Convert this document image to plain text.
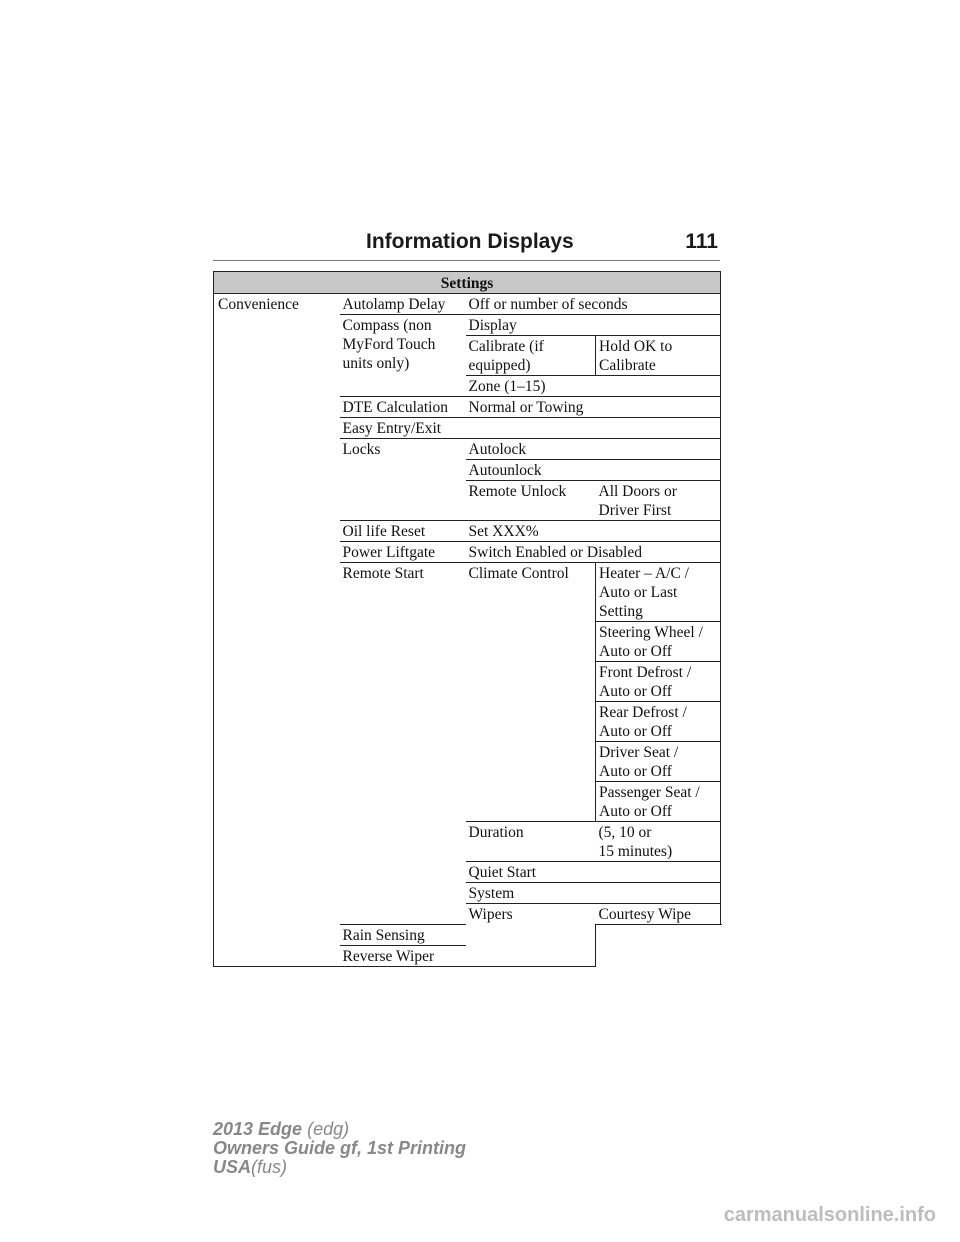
Information Displays	111
Settings			
Convenience	Autolamp Delay	Off or number of seconds	
	Compass (non
MyFord Touch
units only)	Display	
		Calibrate (if
equipped)	Hold OK to
Calibrate
		Zone (1–15)	
	DTE Calculation	Normal or Towing	
	Easy Entry/Exit		
	Locks	Autolock	
		Autounlock	
		Remote Unlock	All Doors or
Driver First
	Oil life Reset	Set XXX%	
	Power Liftgate	Switch Enabled or Disabled	
	Remote Start	Climate Control	Heater – A/C /
Auto or Last
Setting
			Steering Wheel /
Auto or Off
			Front Defrost /
Auto or Off
			Rear Defrost /
Auto or Off
			Driver Seat /
Auto or Off
			Passenger Seat /
Auto or Off
		Duration	(5, 10 or
15 minutes)
		Quiet Start	
		System	
		Wipers	Courtesy Wipe
	Rain Sensing		
	Reverse Wiper		
2013 Edge (edg)
Owners Guide gf, 1st Printing
USA(fus)
carmanualsonline.info
